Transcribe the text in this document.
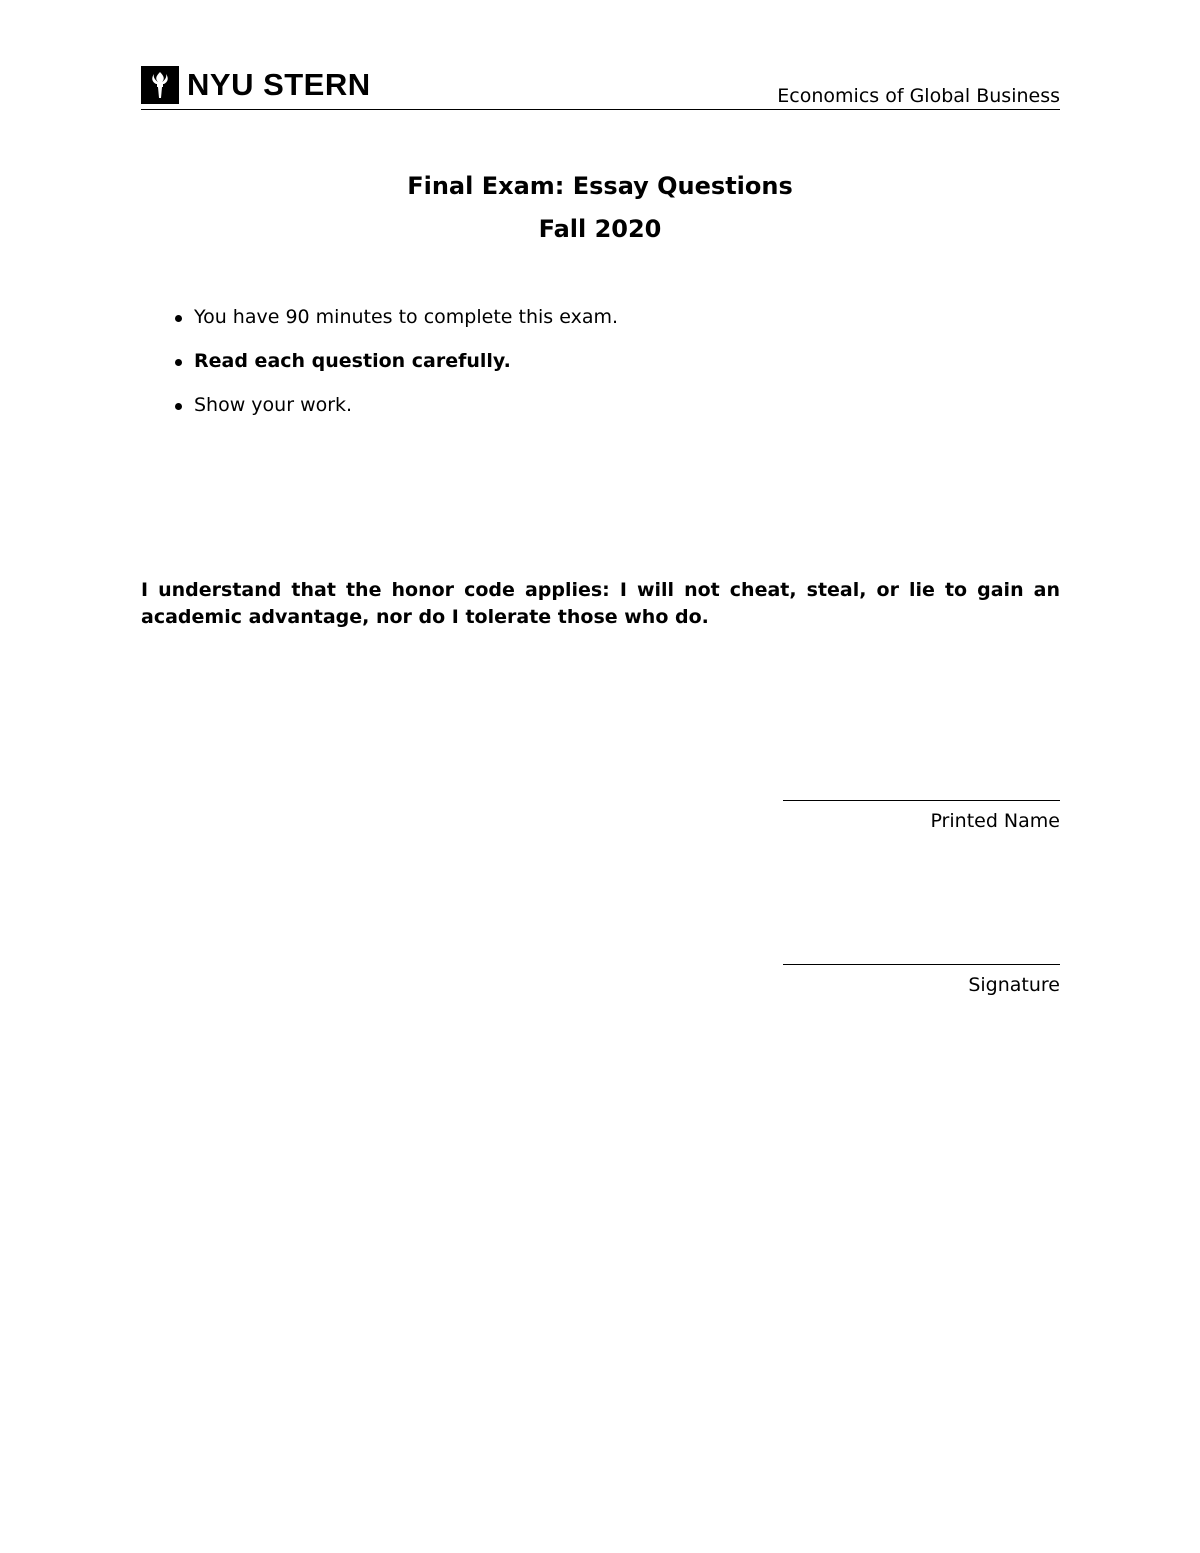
NYU STERN	Economics of Global Business
Final Exam: Essay Questions
Fall 2020
You have 90 minutes to complete this exam.
Read each question carefully.
Show your work.
I understand that the honor code applies: I will not cheat, steal, or lie to gain an academic advantage, nor do I tolerate those who do.
Printed Name
Signature
